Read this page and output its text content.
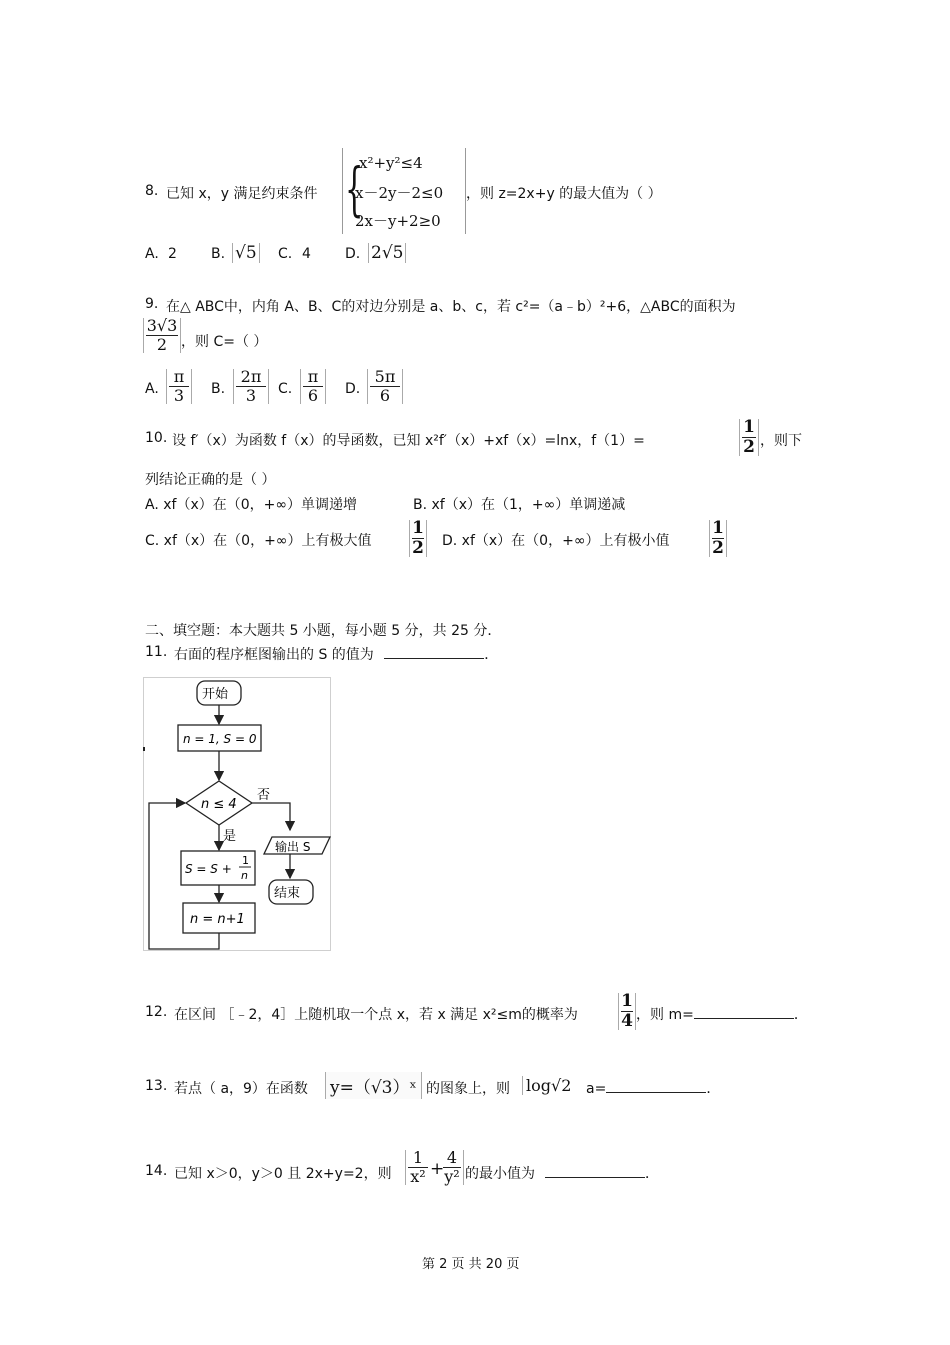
8. 已知 x，y 满足约束条件 {
x²+y²≤4
x－2y－2≤0
2x－y+2≥0
，则 z=2x+y 的最大值为（ ）
A. 2 B. √5 C. 4 D. 2√5
9. 在△ ABC中，内角 A、B、C的对边分别是 a、b、c，若 c²=（a﹣b）²+6，△ABC的面积为
3√3
2 ，则 C=（ ）
A.
π
3	B.
2π
3	C.
π
6	D.
5π
6
10. 设 f′（x）为函数 f（x）的导函数，已知 x²f′（x）+xf（x）=lnx，f（1）=
1
2 ，则下
列结论正确的是（ ）
A. xf（x）在（0，+∞）单调递增	B. xf（x）在（1，+∞）单调递减
C. xf（x）在（0，+∞）上有极大值
1
2 D. xf（x）在（0，+∞）上有极小值
1
2
二、填空题：本大题共 5 小题，每小题 5 分，共 25 分．
11. 右面的程序框图输出的 S 的值为	．
开始
n = 1, S = 0
n ≤ 4
否
输出 S
结束
是
S = S +
1
n
n = n+1
12. 在区间 ［﹣2，4］上随机取一个点 x，若 x 满足 x²≤m的概率为
1
4 ，则 m=	．
13. 若点（ a，9）在函数 y=（√3）ˣ 的图象上，则 log√2 a=	．
14. 已知 x＞0，y＞0 且 2x+y=2，则
1
x² +
4
y² 的最小值为	．
第 2 页 共 20 页
